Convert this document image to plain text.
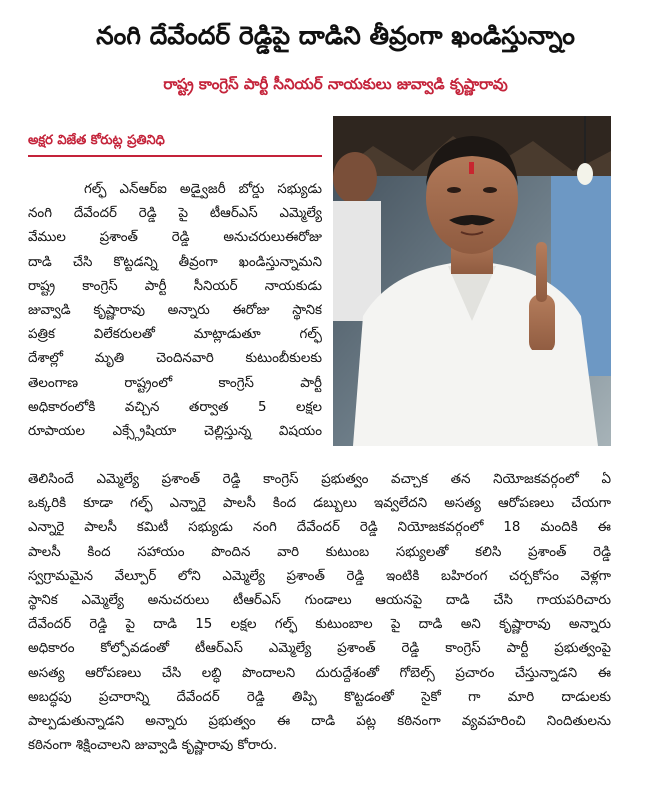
నంగి దేవేందర్ రెడ్డిపై దాడిని తీవ్రంగా ఖండిస్తున్నాం
రాష్ట్ర కాంగ్రెస్ పార్టీ సీనియర్ నాయకులు జువ్వాడి కృష్ణారావు
అక్షర విజేత కోరుట్ల ప్రతినిధి
గల్ఫ్ ఎన్ఆర్ఐ అడ్వైజరీ బోర్డు సభ్యుడు
నంగి దేవేందర్ రెడ్డి పై టీఆర్ఎస్ ఎమ్మెల్యే
వేముల ప్రశాంత్ రెడ్డి అనుచరులుఈరోజు
దాడి చేసి కొట్టడన్ని తీవ్రంగా ఖండిస్తున్నామని
రాష్ట్ర కాంగ్రెస్ పార్టీ సీనియర్ నాయకుడు
జువ్వాడి కృష్ణారావు అన్నారు ఈరోజు స్థానిక
పత్రిక విలేకరులతో మాట్లాడుతూ గల్ఫ్
దేశాల్లో మృతి చెందినవారి కుటుంబీకులకు
తెలంగాణ రాష్ట్రంలో కాంగ్రెస్ పార్టీ
అధికారంలోకి వచ్చిన తర్వాత 5 లక్షల
రూపాయల ఎక్స్గ్రేషియా చెల్లిస్తున్న విషయం
తెలిసిందే ఎమ్మెల్యే ప్రశాంత్ రెడ్డి కాంగ్రెస్ ప్రభుత్వం వచ్చాక తన నియోజకవర్గంలో ఏ
ఒక్కరికి కూడా గల్ఫ్ ఎన్నారై పాలసీ కింద డబ్బులు ఇవ్వలేదని అసత్య ఆరోపణలు చేయగా
ఎన్నారై పాలసీ కమిటీ సభ్యుడు నంగి దేవేందర్ రెడ్డి నియోజకవర్గంలో 18 మందికి ఈ
పాలసీ కింద సహాయం పొందిన వారి కుటుంబ సభ్యులతో కలిసి ప్రశాంత్ రెడ్డి
స్వగ్రామమైన వేల్పూర్ లోని ఎమ్మెల్యే ప్రశాంత్ రెడ్డి ఇంటికి బహిరంగ చర్చకోసం వెళ్లగా
స్థానిక ఎమ్మెల్యే అనుచరులు టీఆర్ఎస్ గుండాలు ఆయనపై దాడి చేసి గాయపరిచారు
దేవేందర్ రెడ్డి పై దాడి 15 లక్షల గల్ఫ్ కుటుంబాల పై దాడి అని కృష్ణారావు అన్నారు
అధికారం కోల్పోవడంతో టీఆర్ఎస్ ఎమ్మెల్యే ప్రశాంత్ రెడ్డి కాంగ్రెస్ పార్టీ ప్రభుత్వంపై
అసత్య ఆరోపణలు చేసి లబ్ధి పొందాలని దురుద్దేశంతో గోబెల్స్ ప్రచారం చేస్తున్నాడని ఈ
అబద్ధపు ప్రచారాన్ని దేవేందర్ రెడ్డి తిప్పి కొట్టడంతో సైకో గా మారి దాడులకు
పాల్పడుతున్నాడని అన్నారు ప్రభుత్వం ఈ దాడి పట్ల కఠినంగా వ్యవహరించి నిందితులను
కఠినంగా శిక్షించాలని జువ్వాడి కృష్ణారావు కోరారు.
